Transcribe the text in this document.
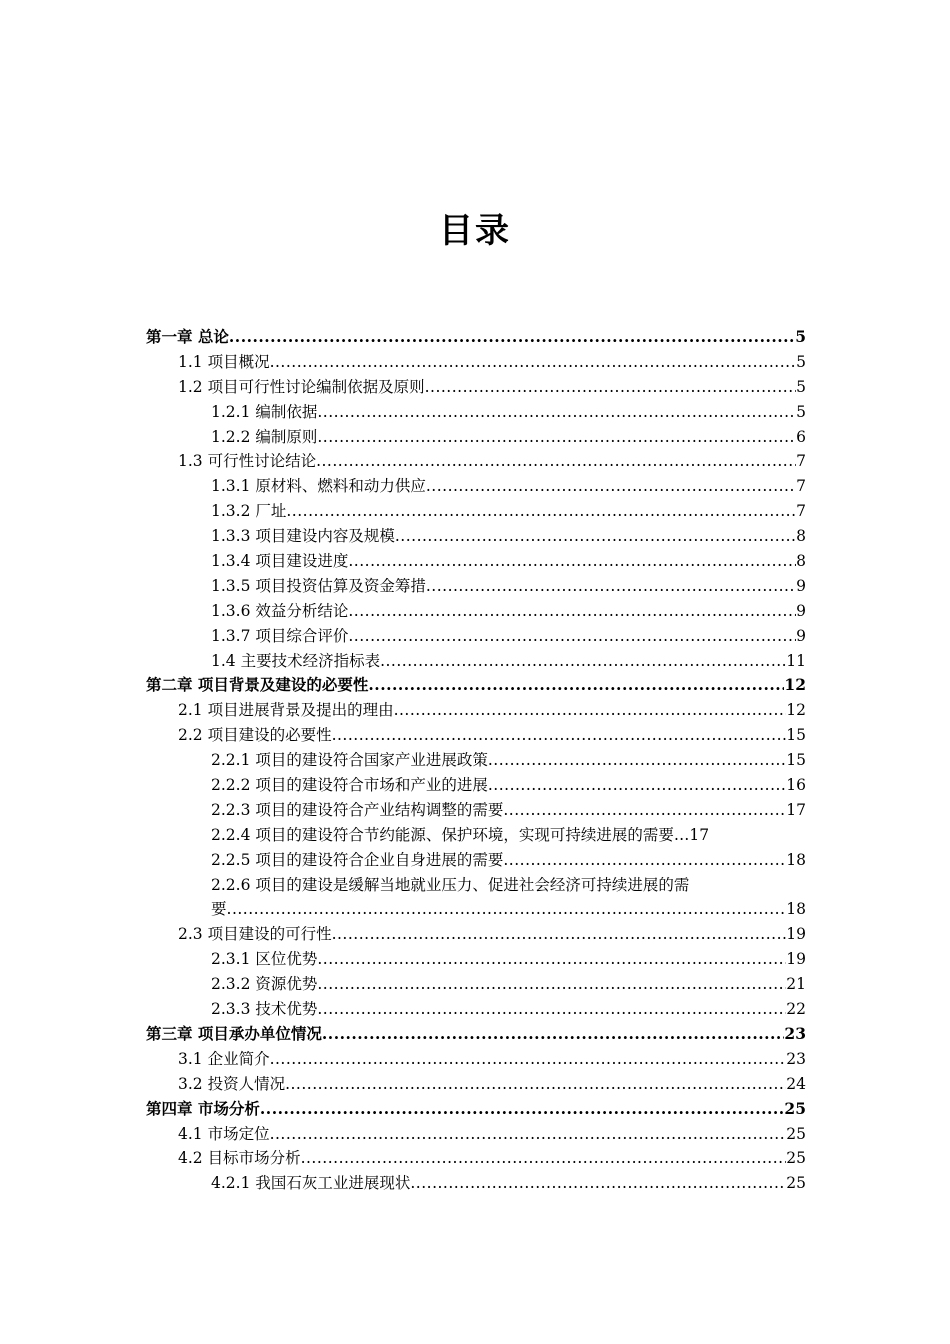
目录
第一章 总论 .....	5
1.1 项目概况 .....	5
1.2 项目可行性讨论编制依据及原则 .....	5
1.2.1 编制依据 .....	5
1.2.2 编制原则 .....	6
1.3 可行性讨论结论 .....	7
1.3.1 原材料、燃料和动力供应 .....	7
1.3.2 厂址 .....	7
1.3.3 项目建设内容及规模 .....	8
1.3.4 项目建设进度 .....	8
1.3.5 项目投资估算及资金筹措 .....	9
1.3.6 效益分析结论 .....	9
1.3.7 项目综合评价 .....	9
1.4 主要技术经济指标表 .....	11
第二章 项目背景及建设的必要性 .....	12
2.1 项目进展背景及提出的理由 .....	12
2.2 项目建设的必要性 .....	15
2.2.1 项目的建设符合国家产业进展政策 .....	15
2.2.2 项目的建设符合市场和产业的进展 .....	16
2.2.3 项目的建设符合产业结构调整的需要 .....	17
2.2.4 项目的建设符合节约能源、保护环境，实现可持续进展的需要… 17
2.2.5 项目的建设符合企业自身进展的需要 .....	18
2.2.6 项目的建设是缓解当地就业压力、促进社会经济可持续进展的需
要 .....	18
2.3 项目建设的可行性 .....	19
2.3.1 区位优势 .....	19
2.3.2 资源优势 .....	21
2.3.3 技术优势 .....	22
第三章 项目承办单位情况 .....	23
3.1 企业简介 .....	23
3.2 投资人情况 .....	24
第四章 市场分析 .....	25
4.1 市场定位 .....	25
4.2 目标市场分析 .....	25
4.2.1 我国石灰工业进展现状 .....	25
